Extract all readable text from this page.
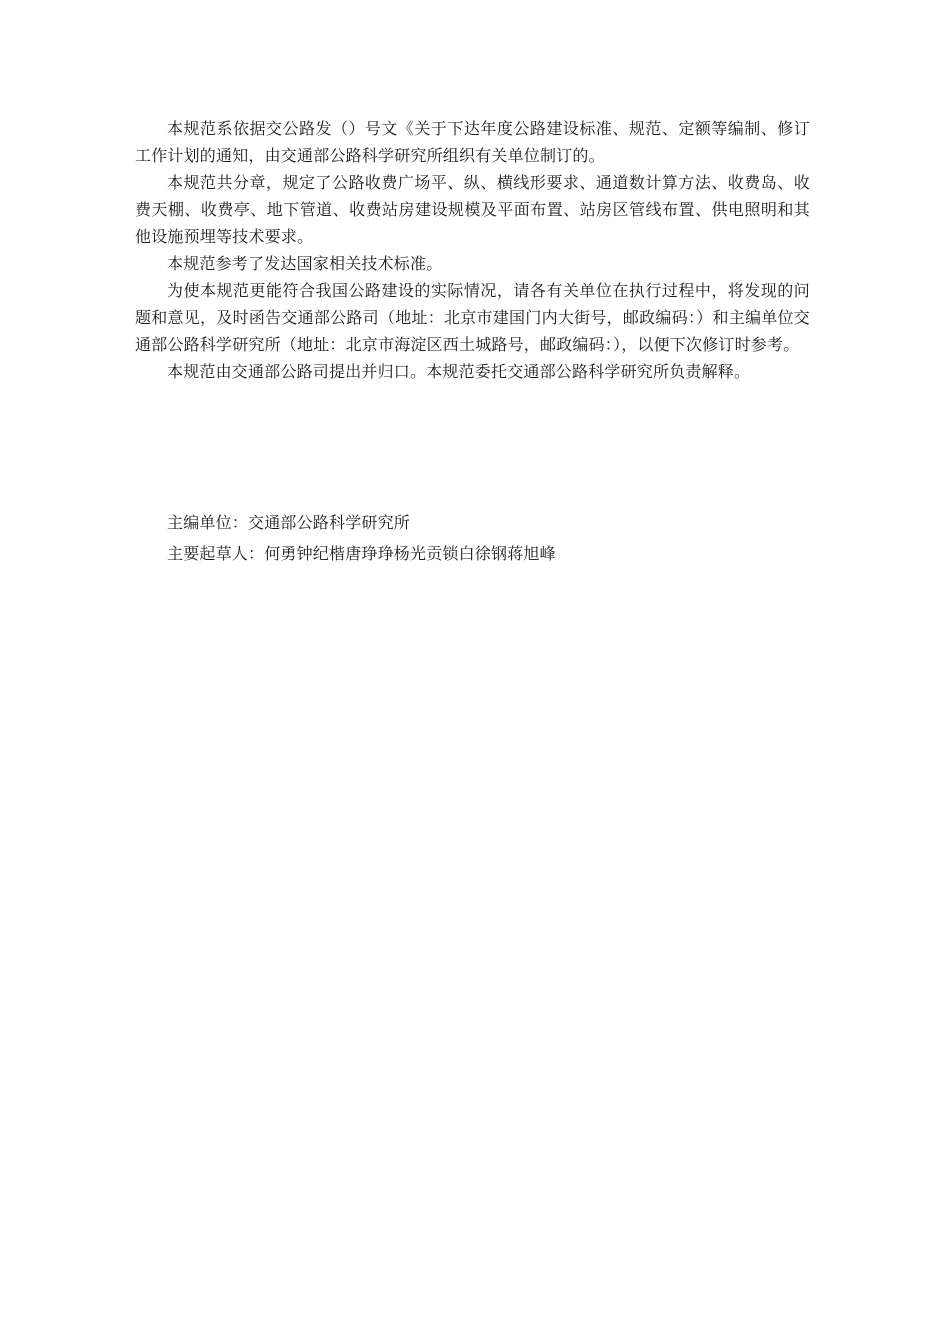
本规范系依据交公路发（）号文《关于下达年度公路建设标准、规范、定额等编制、修订工作计划的通知，由交通部公路科学研究所组织有关单位制订的。

本规范共分章，规定了公路收费广场平、纵、横线形要求、通道数计算方法、收费岛、收费天棚、收费亭、地下管道、收费站房建设规模及平面布置、站房区管线布置、供电照明和其他设施预埋等技术要求。

本规范参考了发达国家相关技术标准。

为使本规范更能符合我国公路建设的实际情况，请各有关单位在执行过程中，将发现的问题和意见，及时函告交通部公路司（地址：北京市建国门内大街号，邮政编码：）和主编单位交通部公路科学研究所（地址：北京市海淀区西土城路号，邮政编码：），以便下次修订时参考。

本规范由交通部公路司提出并归口。本规范委托交通部公路科学研究所负责解释。

主编单位：交通部公路科学研究所

主要起草人：何勇钟纪楷唐琤琤杨光贡锁白徐钢蒋旭峰
